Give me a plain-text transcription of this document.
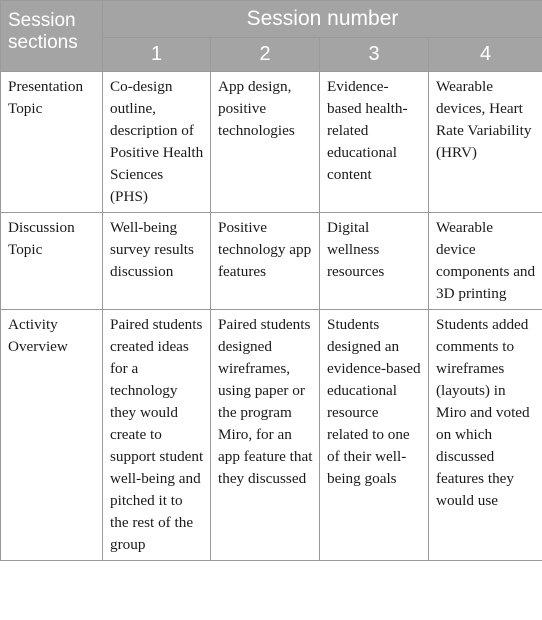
Session sections	Session number			
	1	2	3	4
Presentation Topic	Co-design outline, description of Positive Health Sciences (PHS)	App design, positive technologies	Evidence-based health-related educational content	Wearable devices, Heart Rate Variability (HRV)
Discussion Topic	Well-being survey results discussion	Positive technology app features	Digital wellness resources	Wearable device components and 3D printing
Activity Overview	Paired students created ideas for a technology they would create to support student well-being and pitched it to the rest of the group	Paired students designed wireframes, using paper or the program Miro, for an app feature that they discussed	Students designed an evidence-based educational resource related to one of their well-being goals	Students added comments to wireframes (layouts) in Miro and voted on which discussed features they would use
